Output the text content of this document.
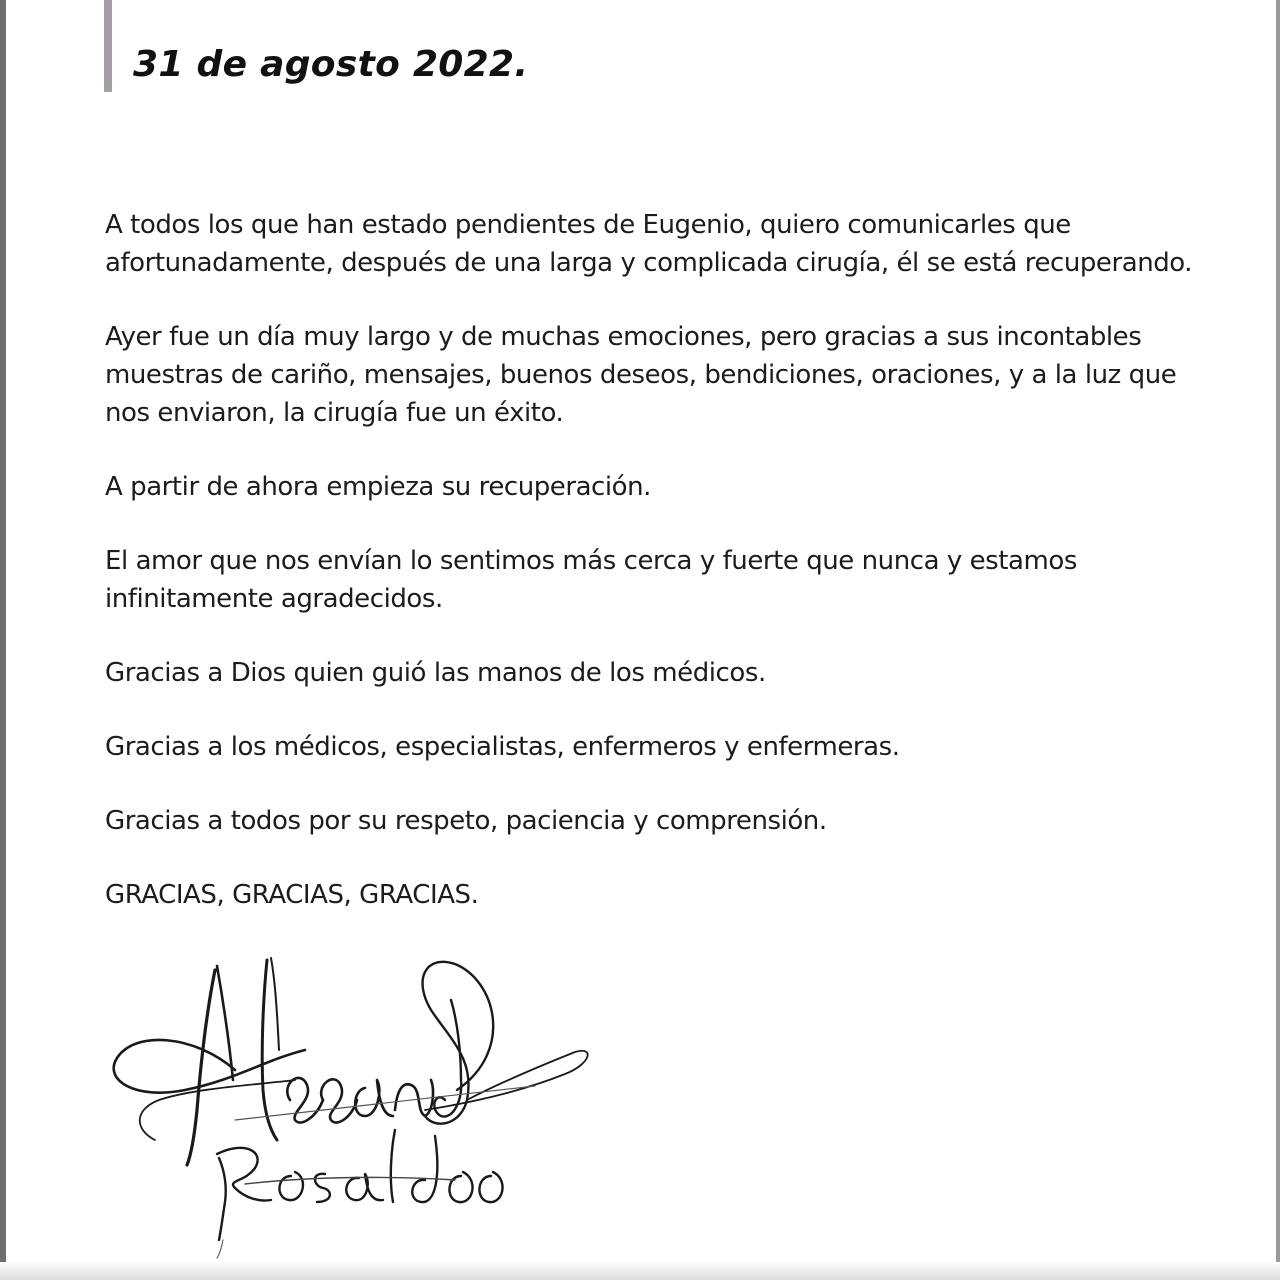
31 de agosto 2022.

A todos los que han estado pendientes de Eugenio, quiero comunicarles que afortunadamente, después de una larga y complicada cirugía, él se está recuperando.

Ayer fue un día muy largo y de muchas emociones, pero gracias a sus incontables muestras de cariño, mensajes, buenos deseos, bendiciones, oraciones, y a la luz que nos enviaron, la cirugía fue un éxito.

A partir de ahora empieza su recuperación.

El amor que nos envían lo sentimos más cerca y fuerte que nunca y estamos infinitamente agradecidos.

Gracias a Dios quien guió las manos de los médicos.

Gracias a los médicos, especialistas, enfermeros y enfermeras.

Gracias a todos por su respeto, paciencia y comprensión.

GRACIAS, GRACIAS, GRACIAS.
